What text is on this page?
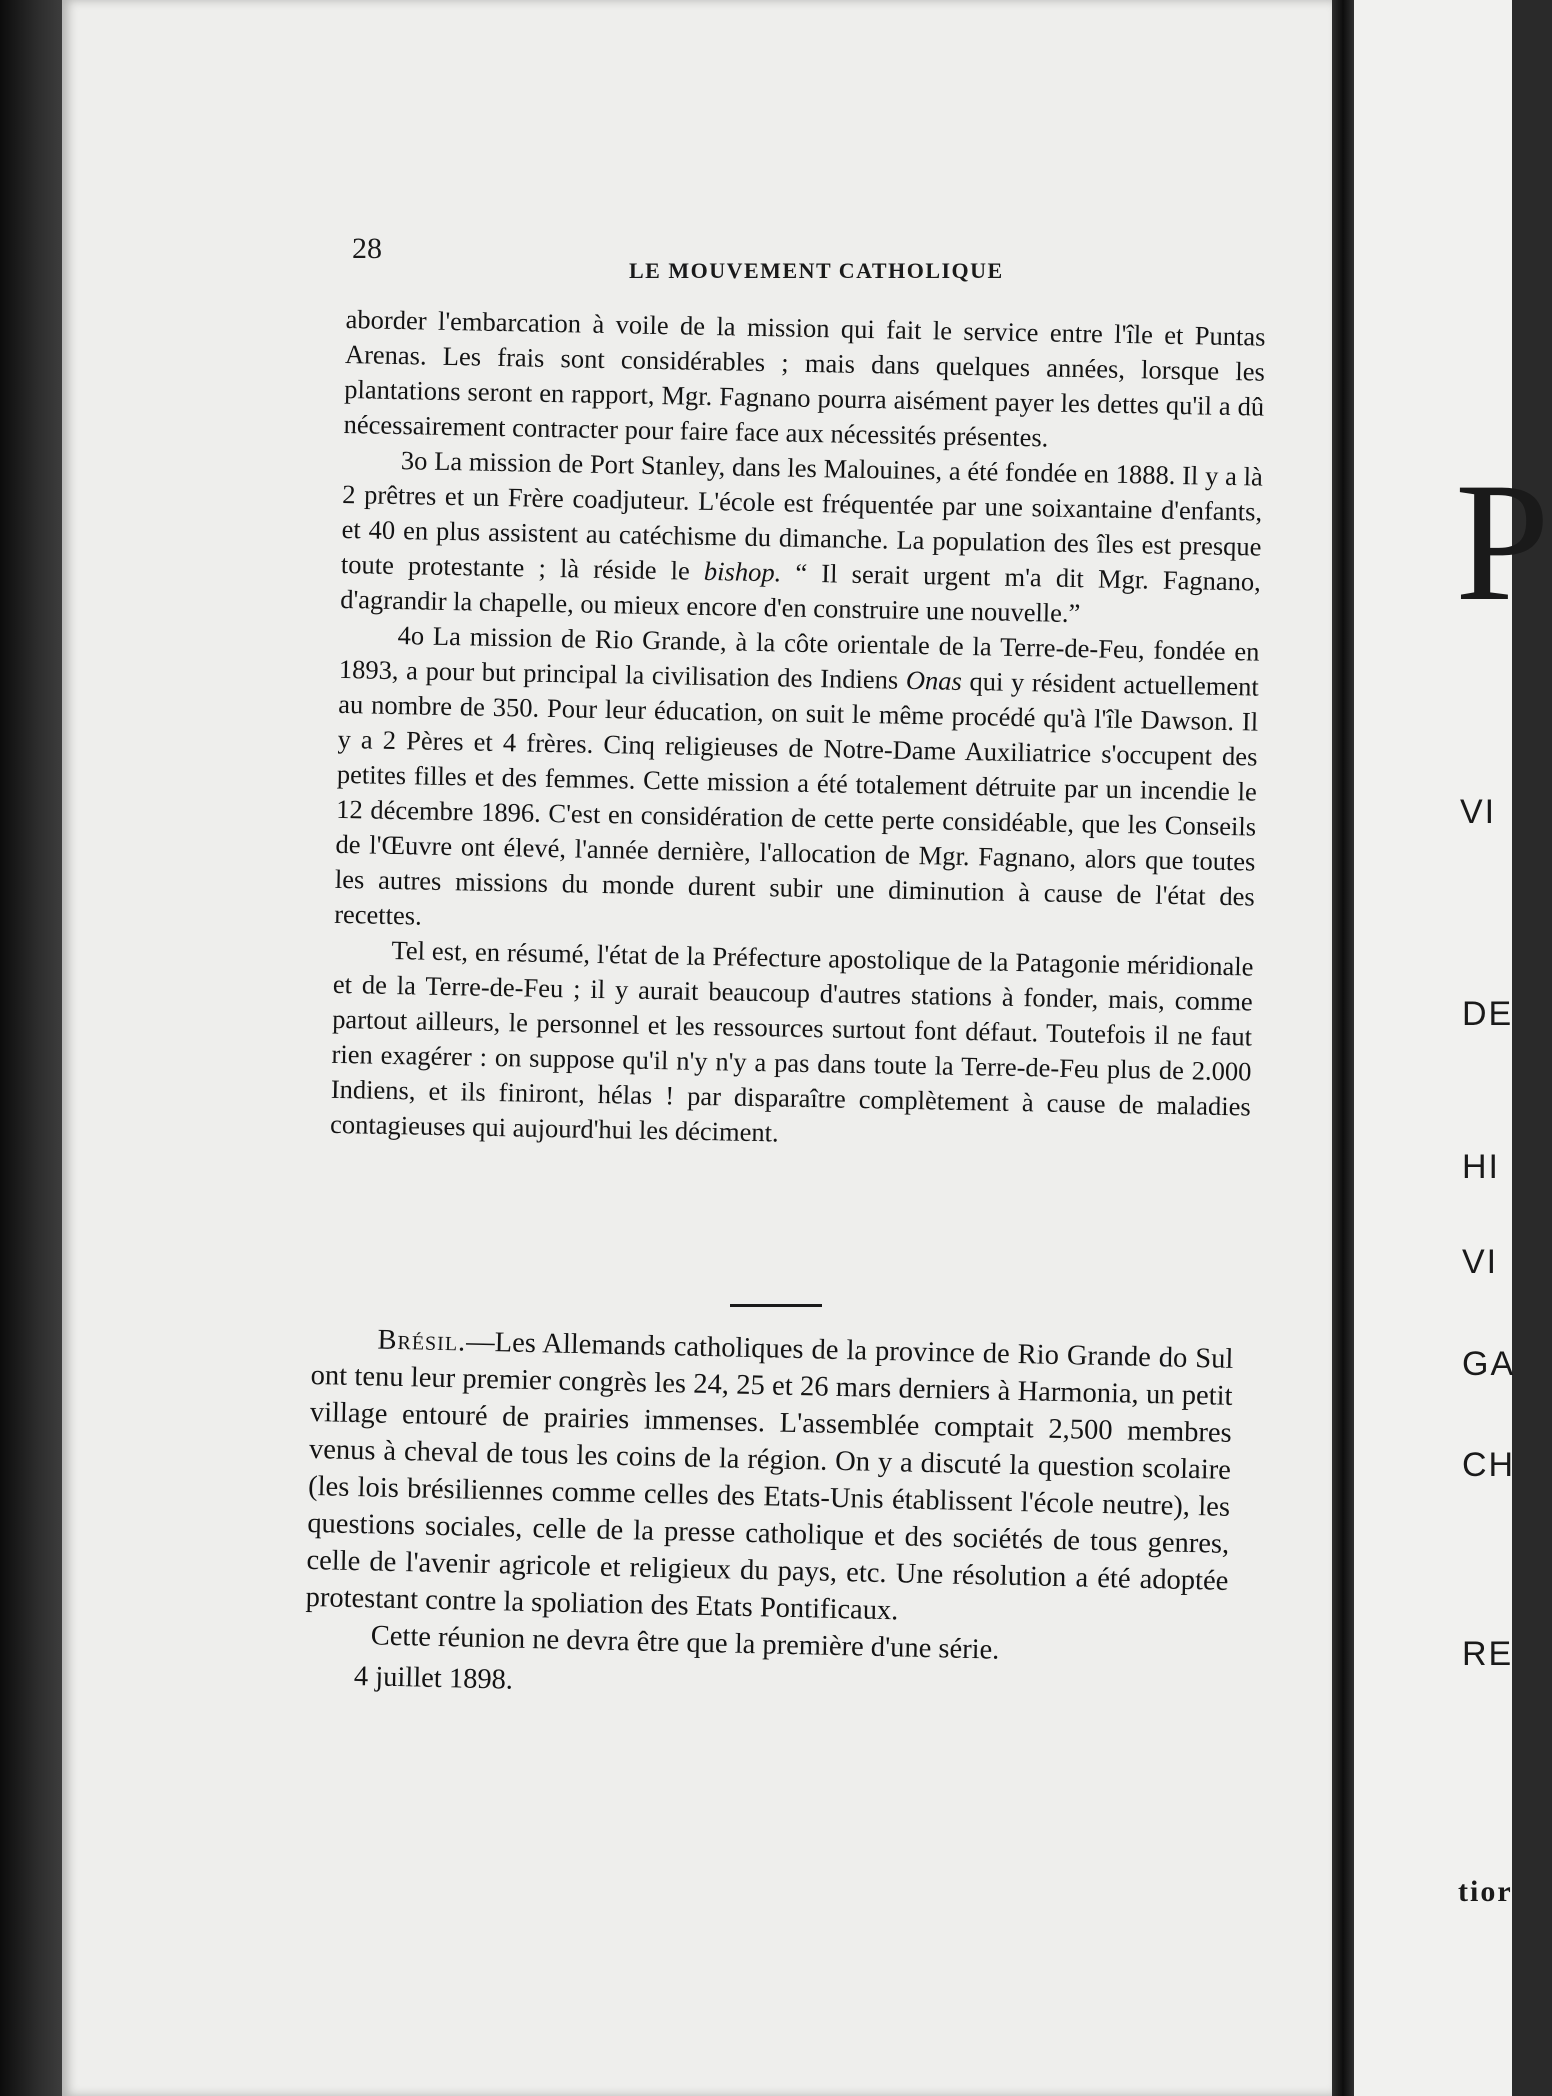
28
LE MOUVEMENT CATHOLIQUE

aborder l'embarcation à voile de la mission qui fait le service entre l'île et Puntas Arenas. Les frais sont considérables ; mais dans quelques années, lorsque les plantations seront en rapport, Mgr. Fagnano pourra aisément payer les dettes qu'il a dû nécessairement contracter pour faire face aux nécessités présentes.

3o La mission de Port Stanley, dans les Malouines, a été fondée en 1888. Il y a là 2 prêtres et un Frère coadjuteur. L'école est fréquentée par une soixantaine d'enfants, et 40 en plus assistent au catéchisme du dimanche. La population des îles est presque toute protestante ; là réside le bishop. “ Il serait urgent m'a dit Mgr. Fagnano, d'agrandir la chapelle, ou mieux encore d'en construire une nouvelle.”

4o La mission de Rio Grande, à la côte orientale de la Terre-de-Feu, fondée en 1893, a pour but principal la civilisation des Indiens Onas qui y résident actuellement au nombre de 350. Pour leur éducation, on suit le même procédé qu'à l'île Dawson. Il y a 2 Pères et 4 frères. Cinq religieuses de Notre-Dame Auxiliatrice s'occupent des petites filles et des femmes. Cette mission a été totalement détruite par un incendie le 12 décembre 1896. C'est en considération de cette perte considéable, que les Conseils de l'Œuvre ont élevé, l'année dernière, l'allocation de Mgr. Fagnano, alors que toutes les autres missions du monde durent subir une diminution à cause de l'état des recettes.

Tel est, en résumé, l'état de la Préfecture apostolique de la Patagonie méridionale et de la Terre-de-Feu ; il y aurait beaucoup d'autres stations à fonder, mais, comme partout ailleurs, le personnel et les ressources surtout font défaut. Toutefois il ne faut rien exagérer : on suppose qu'il n'y n'y a pas dans toute la Terre-de-Feu plus de 2.000 Indiens, et ils finiront, hélas ! par disparaître complètement à cause de maladies contagieuses qui aujourd'hui les déciment.

Brésil.—Les Allemands catholiques de la province de Rio Grande do Sul ont tenu leur premier congrès les 24, 25 et 26 mars derniers à Harmonia, un petit village entouré de prairies immenses. L'assemblée comptait 2,500 membres venus à cheval de tous les coins de la région. On y a discuté la question scolaire (les lois brésiliennes comme celles des Etats-Unis établissent l'école neutre), les questions sociales, celle de la presse catholique et des sociétés de tous genres, celle de l'avenir agricole et religieux du pays, etc. Une résolution a été adoptée protestant contre la spoliation des Etats Pontificaux.

Cette réunion ne devra être que la première d'une série.

4 juillet 1898.

P
VI
DE
HI
VI
GA
CH
RE
tior
